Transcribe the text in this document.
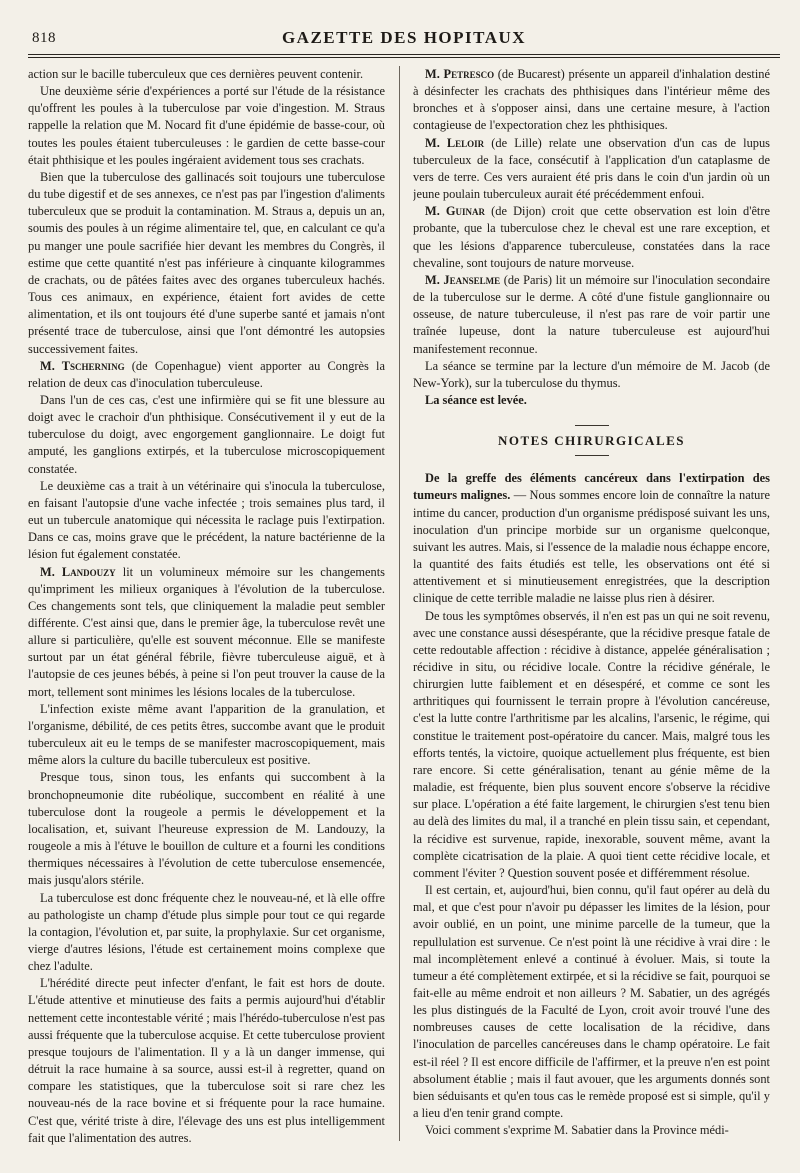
818	GAZETTE DES HOPITAUX

action sur le bacille tuberculeux que ces dernières peuvent contenir.

Une deuxième série d'expériences a porté sur l'étude de la résistance qu'offrent les poules à la tuberculose par voie d'ingestion. M. Straus rappelle la relation que M. Nocard fit d'une épidémie de basse-cour, où toutes les poules étaient tuberculeuses : le gardien de cette basse-cour était phthisique et les poules ingéraient avidement tous ses crachats.

Bien que la tuberculose des gallinacés soit toujours une tuberculose du tube digestif et de ses annexes, ce n'est pas par l'ingestion d'aliments tuberculeux que se produit la contamination. M. Straus a, depuis un an, soumis des poules à un régime alimentaire tel, que, en calculant ce qu'a pu manger une poule sacrifiée hier devant les membres du Congrès, il estime que cette quantité n'est pas inférieure à cinquante kilogrammes de crachats, ou de pâtées faites avec des organes tuberculeux hachés. Tous ces animaux, en expérience, étaient fort avides de cette alimentation, et ils ont toujours été d'une superbe santé et jamais n'ont présenté trace de tuberculose, ainsi que l'ont démontré les autopsies successivement faites.

M. Tscherning (de Copenhague) vient apporter au Congrès la relation de deux cas d'inoculation tuberculeuse.

Dans l'un de ces cas, c'est une infirmière qui se fit une blessure au doigt avec le crachoir d'un phthisique. Consécutivement il y eut de la tuberculose du doigt, avec engorgement ganglionnaire. Le doigt fut amputé, les ganglions extirpés, et la tuberculose microscopiquement constatée.

Le deuxième cas a trait à un vétérinaire qui s'inocula la tuberculose, en faisant l'autopsie d'une vache infectée ; trois semaines plus tard, il eut un tubercule anatomique qui nécessita le raclage puis l'extirpation. Dans ce cas, moins grave que le précédent, la nature bactérienne de la lésion fut également constatée.

M. Landouzy lit un volumineux mémoire sur les changements qu'impriment les milieux organiques à l'évolution de la tuberculose. Ces changements sont tels, que cliniquement la maladie peut sembler différente. C'est ainsi que, dans le premier âge, la tuberculose revêt une allure si particulière, qu'elle est souvent méconnue. Elle se manifeste surtout par un état général fébrile, fièvre tuberculeuse aiguë, et à l'autopsie de ces jeunes bébés, à peine si l'on peut trouver la cause de la mort, tellement sont minimes les lésions locales de la tuberculose.

L'infection existe même avant l'apparition de la granulation, et l'organisme, débilité, de ces petits êtres, succombe avant que le produit tuberculeux ait eu le temps de se manifester macroscopiquement, mais même alors la culture du bacille tuberculeux est positive.

Presque tous, sinon tous, les enfants qui succombent à la bronchopneumonie dite rubéolique, succombent en réalité à une tuberculose dont la rougeole a permis le développement et la localisation, et, suivant l'heureuse expression de M. Landouzy, la rougeole a mis à l'étuve le bouillon de culture et a fourni les conditions thermiques nécessaires à l'évolution de cette tuberculose ensemencée, mais jusqu'alors stérile.

La tuberculose est donc fréquente chez le nouveau-né, et là elle offre au pathologiste un champ d'étude plus simple pour tout ce qui regarde la contagion, l'évolution et, par suite, la prophylaxie. Sur cet organisme, vierge d'autres lésions, l'étude est certainement moins complexe que chez l'adulte.

L'hérédité directe peut infecter d'enfant, le fait est hors de doute. L'étude attentive et minutieuse des faits a permis aujourd'hui d'établir nettement cette incontestable vérité ; mais l'hérédo-tuberculose n'est pas aussi fréquente que la tuberculose acquise. Et cette tuberculose provient presque toujours de l'alimentation. Il y a là un danger immense, qui détruit la race humaine à sa source, aussi est-il à regretter, quand on compare les statistiques, que la tuberculose soit si rare chez les nouveau-nés de la race bovine et si fréquente pour la race humaine. C'est que, vérité triste à dire, l'élevage des uns est plus intelligemment fait que l'alimentation des autres.

M. Petresco (de Bucarest) présente un appareil d'inhalation destiné à désinfecter les crachats des phthisiques dans l'intérieur même des bronches et à s'opposer ainsi, dans une certaine mesure, à l'action contagieuse de l'expectoration chez les phthisiques.

M. Leloir (de Lille) relate une observation d'un cas de lupus tuberculeux de la face, consécutif à l'application d'un cataplasme de vers de terre. Ces vers auraient été pris dans le coin d'un jardin où un jeune poulain tuberculeux aurait été précédemment enfoui.

M. Guinar (de Dijon) croit que cette observation est loin d'être probante, que la tuberculose chez le cheval est une rare exception, et que les lésions d'apparence tuberculeuse, constatées dans la race chevaline, sont toujours de nature morveuse.

M. Jeanselme (de Paris) lit un mémoire sur l'inoculation secondaire de la tuberculose sur le derme. A côté d'une fistule ganglionnaire ou osseuse, de nature tuberculeuse, il n'est pas rare de voir partir une traînée lupeuse, dont la nature tuberculeuse est aujourd'hui manifestement reconnue.

La séance se termine par la lecture d'un mémoire de M. Jacob (de New-York), sur la tuberculose du thymus.

La séance est levée.

NOTES CHIRURGICALES

De la greffe des éléments cancéreux dans l'extirpation des tumeurs malignes. — Nous sommes encore loin de connaître la nature intime du cancer, production d'un organisme prédisposé suivant les uns, inoculation d'un principe morbide sur un organisme quelconque, suivant les autres. Mais, si l'essence de la maladie nous échappe encore, la quantité des faits étudiés est telle, les observations ont été si attentivement et si minutieusement enregistrées, que la description clinique de cette terrible maladie ne laisse plus rien à désirer.

De tous les symptômes observés, il n'en est pas un qui ne soit revenu, avec une constance aussi désespérante, que la récidive presque fatale de cette redoutable affection : récidive à distance, appelée généralisation ; récidive in situ, ou récidive locale. Contre la récidive générale, le chirurgien lutte faiblement et en désespéré, et comme ce sont les arthritiques qui fournissent le terrain propre à l'évolution cancéreuse, c'est la lutte contre l'arthritisme par les alcalins, l'arsenic, le régime, qui constitue le traitement post-opératoire du cancer. Mais, malgré tous les efforts tentés, la victoire, quoique actuellement plus fréquente, est bien rare encore. Si cette généralisation, tenant au génie même de la maladie, est fréquente, bien plus souvent encore s'observe la récidive sur place. L'opération a été faite largement, le chirurgien s'est tenu bien au delà des limites du mal, il a tranché en plein tissu sain, et cependant, la récidive est survenue, rapide, inexorable, souvent même, avant la complète cicatrisation de la plaie. A quoi tient cette récidive locale, et comment l'éviter ? Question souvent posée et différemment résolue.

Il est certain, et, aujourd'hui, bien connu, qu'il faut opérer au delà du mal, et que c'est pour n'avoir pu dépasser les limites de la lésion, pour avoir oublié, en un point, une minime parcelle de la tumeur, que la repullulation est survenue. Ce n'est point là une récidive à vrai dire : le mal incomplètement enlevé a continué à évoluer. Mais, si toute la tumeur a été complètement extirpée, et si la récidive se fait, pourquoi se fait-elle au même endroit et non ailleurs ? M. Sabatier, un des agrégés les plus distingués de la Faculté de Lyon, croit avoir trouvé l'une des nombreuses causes de cette localisation de la récidive, dans l'inoculation de parcelles cancéreuses dans le champ opératoire. Le fait est-il réel ? Il est encore difficile de l'affirmer, et la preuve n'en est point absolument établie ; mais il faut avouer, que les arguments donnés sont bien séduisants et qu'en tous cas le remède proposé est si simple, qu'il y a lieu d'en tenir grand compte.

Voici comment s'exprime M. Sabatier dans la Province médi-
